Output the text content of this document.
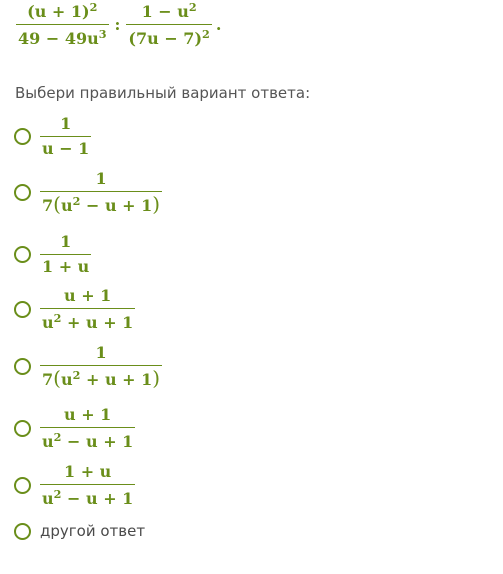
$\frac{(u + 1)^2}{49 - 49u^3}$ : $\frac{1 - u^2}{(7u - 7)^2}$ .
Выбери правильный вариант ответа:
$\frac{1}{u - 1}$
$\frac{1}{7(u^2 - u + 1)}$
$\frac{1}{1 + u}$
$\frac{u + 1}{u^2 + u + 1}$
$\frac{1}{7(u^2 + u + 1)}$
$\frac{u + 1}{u^2 - u + 1}$
$\frac{1 + u}{u^2 - u + 1}$
другой ответ
